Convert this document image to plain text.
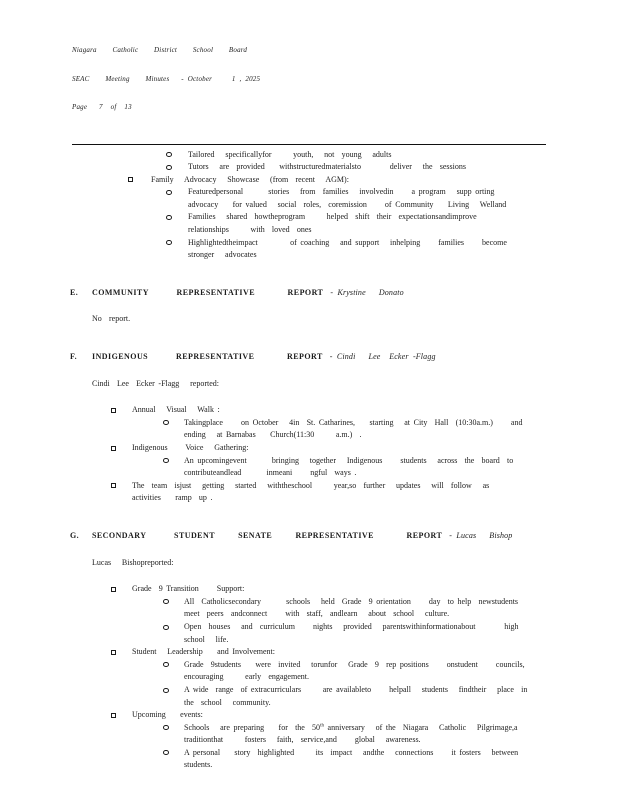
Niagara    Catholic    District    School    Board

SEAC    Meeting    Minutes   - October     1 , 2025

Page   7  of  13

Tailored   specificallyfor      youth,   not  young   adults
Tutors   are  provided    withstructuredmaterialsto        deliver   the  sessions
Family   Advocacy   Showcase   (from  recent   AGM):
Featuredpersonal       stories   from  families   involvedin     a program   supp orting
advocacy    for valued   social  roles,  coremission     of Community    Living   Welland
Families   shared  howtheprogram      helped  shift  their  expectationsandimprove
relationships      with  loved  ones
Highlightedtheimpact         of coaching   and support   inhelping     families     become
stronger   advocates
E. COMMUNITY      REPRESENTATIVE       REPORT - Krystine   Donato
No  report.
F. INDIGENOUS      REPRESENTATIVE       REPORT - Cindi   Lee  Ecker -Flagg
Cindi  Lee  Ecker -Flagg   reported:
Annual   Visual   Walk :
Takingplace     on October   4in  St. Catharines,    starting   at City  Hall  (10:30a.m.)     and
ending   at Barnabas    Church(11:30      a.m.)  .
Indigenous     Voice   Gathering:
An upcomingevent       bringing   together   Indigenous     students   across  the  board  to
contributeandlead       inmeani     ngful  ways .
The  team  isjust   getting   started   withtheschool      year,so  further   updates   will  follow   as
activities    ramp  up .
G. SECONDARY      STUDENT     SENATE     REPRESENTATIVE       REPORT - Lucas   Bishop
Lucas   Bishopreported:
Grade  9 Transition     Support:
All  Catholicsecondary       schools   held  Grade  9 orientation     day  to help  newstudents
meet  peers  andconnect     with  staff,  andlearn   about  school   culture.
Open  houses   and  curriculum     nights   provided   parentswithinformationabout        high
school   life.
Student   Leadership    and Involvement:
Grade  9students    were  invited   torunfor   Grade  9  rep positions     onstudent     councils,
encouraging      early  engagement.
A wide  range  of extracurriculars      are availableto     helpall   students   findtheir   place  in
the  school   community.
Upcoming    events:
Schools   are preparing    for  the  50th anniversary   of the  Niagara   Catholic   Pilgrimage,a
traditionthat      fosters   faith,  service,and     global   awareness.
A personal    story  highlighted      its  impact   andthe   connections     it fosters   between
students.
